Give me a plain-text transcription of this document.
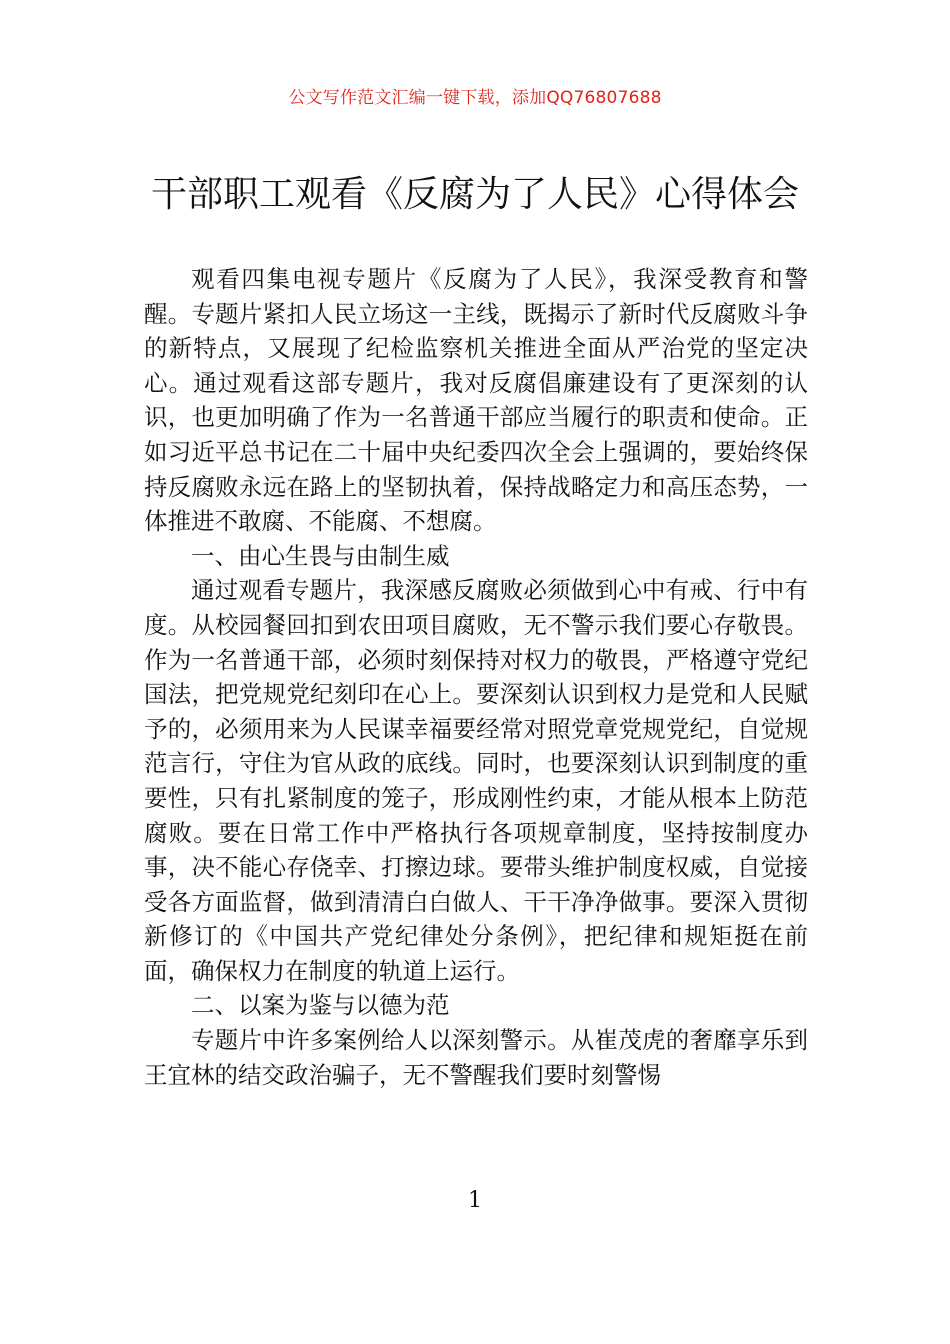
公文写作范文汇编一键下载，添加QQ76807688
干部职工观看《反腐为了人民》心得体会

观看四集电视专题片《反腐为了人民》，我深受教育和警醒。专题片紧扣人民立场这一主线，既揭示了新时代反腐败斗争的新特点，又展现了纪检监察机关推进全面从严治党的坚定决心。通过观看这部专题片，我对反腐倡廉建设有了更深刻的认识，也更加明确了作为一名普通干部应当履行的职责和使命。正如习近平总书记在二十届中央纪委四次全会上强调的，要始终保持反腐败永远在路上的坚韧执着，保持战略定力和高压态势，一体推进不敢腐、不能腐、不想腐。

一、由心生畏与由制生威

通过观看专题片，我深感反腐败必须做到心中有戒、行中有度。从校园餐回扣到农田项目腐败，无不警示我们要心存敬畏。作为一名普通干部，必须时刻保持对权力的敬畏，严格遵守党纪国法，把党规党纪刻印在心上。要深刻认识到权力是党和人民赋予的，必须用来为人民谋幸福要经常对照党章党规党纪，自觉规范言行，守住为官从政的底线。同时，也要深刻认识到制度的重要性，只有扎紧制度的笼子，形成刚性约束，才能从根本上防范腐败。要在日常工作中严格执行各项规章制度，坚持按制度办事，决不能心存侥幸、打擦边球。要带头维护制度权威，自觉接受各方面监督，做到清清白白做人、干干净净做事。要深入贯彻新修订的《中国共产党纪律处分条例》，把纪律和规矩挺在前面，确保权力在制度的轨道上运行。

二、以案为鉴与以德为范

专题片中许多案例给人以深刻警示。从崔茂虎的奢靡享乐到王宜林的结交政治骗子，无不警醒我们要时刻警惕

1
